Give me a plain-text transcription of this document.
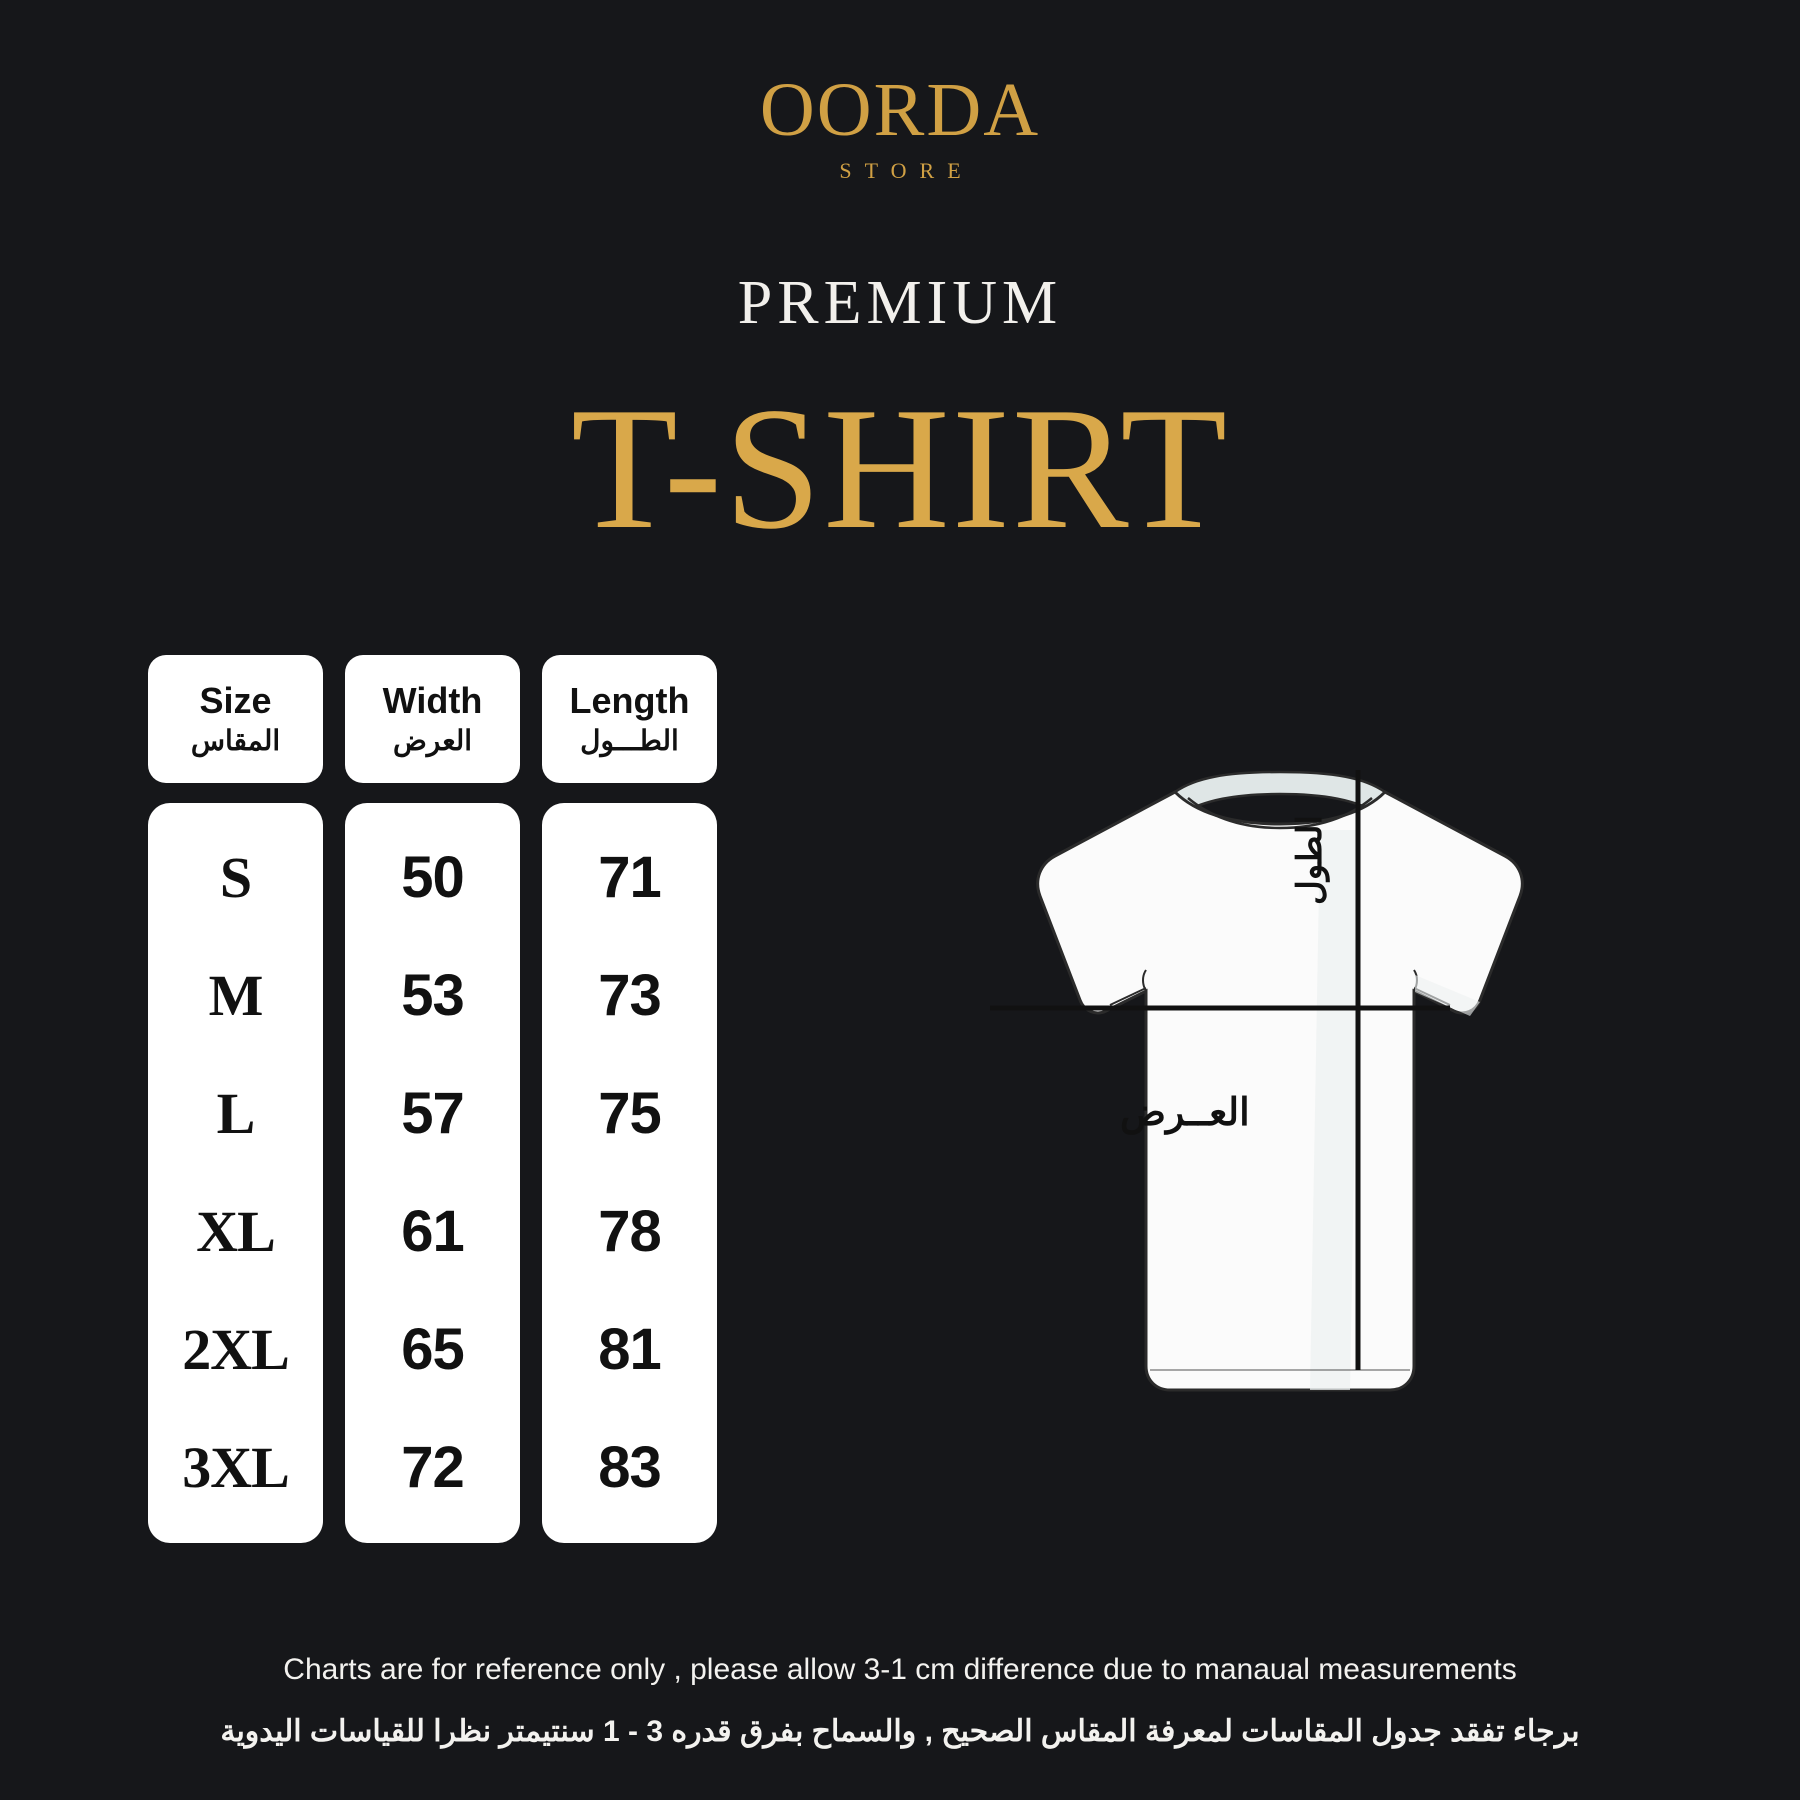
OORDA
STORE
PREMIUM
T-SHIRT
Size
المقاس
S
M
L
XL
2XL
3XL
Width
العرض
50
53
57
61
65
72
Length
الطـــول
71
73
75
78
81
83
الطول
العــرض
Charts are for reference only , please allow 3-1 cm difference due to manaual measurements
برجاء تفقد جدول المقاسات لمعرفة المقاس الصحيح , والسماح بفرق قدره 3 - 1 سنتيمتر نظرا للقياسات اليدوية
